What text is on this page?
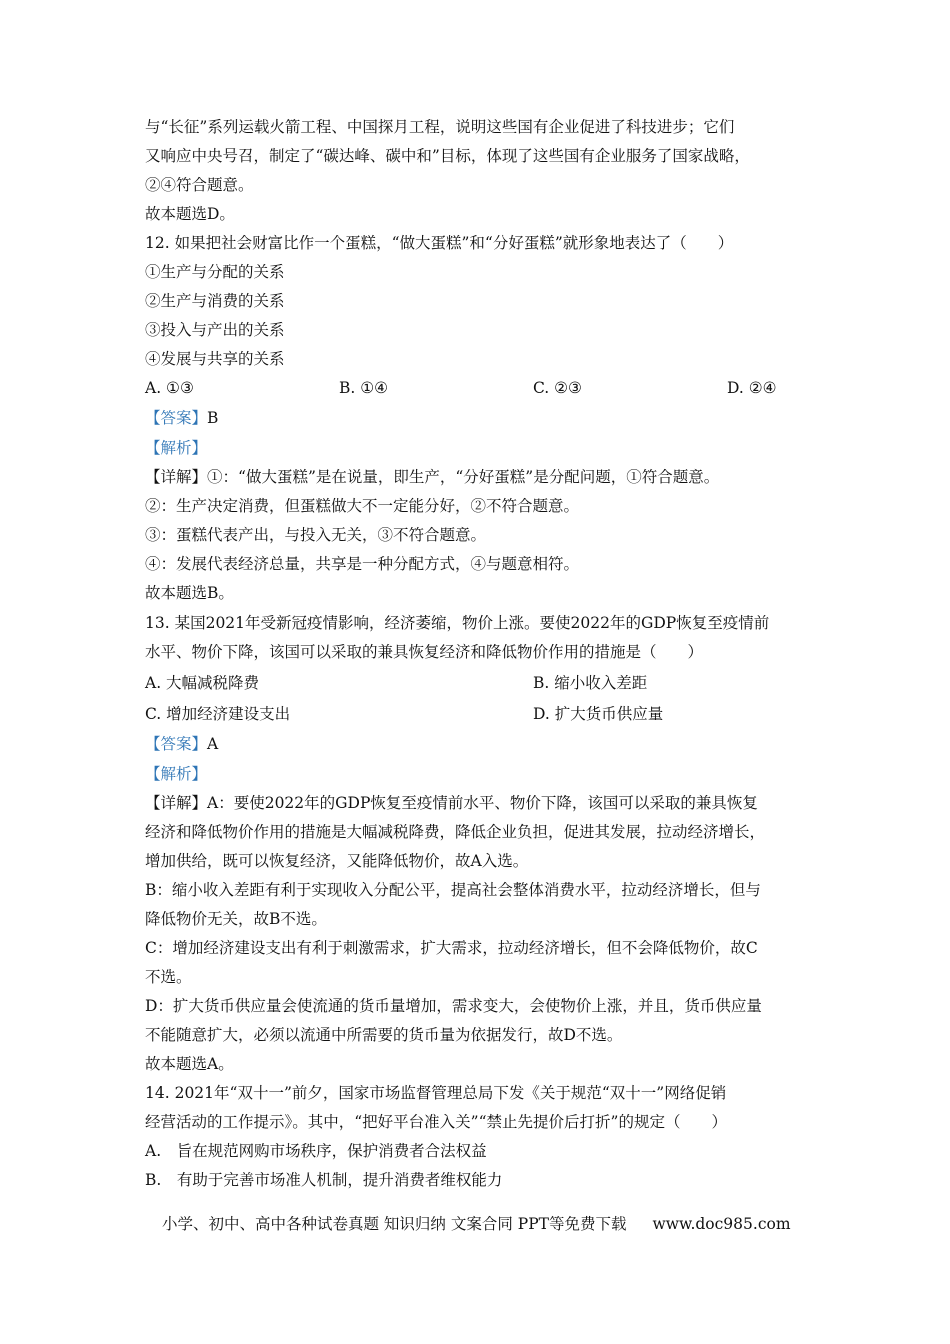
与“长征”系列运载火箭工程、中国探月工程，说明这些国有企业促进了科技进步；它们
又响应中央号召，制定了“碳达峰、碳中和”目标，体现了这些国有企业服务了国家战略，
②④符合题意。
故本题选D。
12. 如果把社会财富比作一个蛋糕，“做大蛋糕”和“分好蛋糕”就形象地表达了（　　）
①生产与分配的关系
②生产与消费的关系
③投入与产出的关系
④发展与共享的关系
A. ①③	B. ①④	C. ②③	D. ②④
【答案】B
【解析】
【详解】①：“做大蛋糕”是在说量，即生产，“分好蛋糕”是分配问题，①符合题意。
②：生产决定消费，但蛋糕做大不一定能分好，②不符合题意。
③：蛋糕代表产出，与投入无关，③不符合题意。
④：发展代表经济总量，共享是一种分配方式，④与题意相符。
故本题选B。
13. 某国2021年受新冠疫情影响，经济萎缩，物价上涨。要使2022年的GDP恢复至疫情前
水平、物价下降，该国可以采取的兼具恢复经济和降低物价作用的措施是（　　）
A. 大幅减税降费	B. 缩小收入差距
C. 增加经济建设支出	D. 扩大货币供应量
【答案】A
【解析】
【详解】A：要使2022年的GDP恢复至疫情前水平、物价下降，该国可以采取的兼具恢复
经济和降低物价作用的措施是大幅减税降费，降低企业负担，促进其发展，拉动经济增长，
增加供给，既可以恢复经济，又能降低物价，故A入选。
B：缩小收入差距有利于实现收入分配公平，提高社会整体消费水平，拉动经济增长，但与
降低物价无关，故B不选。
C：增加经济建设支出有利于刺激需求，扩大需求，拉动经济增长，但不会降低物价，故C
不选。
D：扩大货币供应量会使流通的货币量增加，需求变大，会使物价上涨，并且，货币供应量
不能随意扩大，必须以流通中所需要的货币量为依据发行，故D不选。
故本题选A。
14. 2021年“双十一”前夕，国家市场监督管理总局下发《关于规范“双十一”网络促销
经营活动的工作提示》。其中，“把好平台准入关”“禁止先提价后打折”的规定（　　）
A.　旨在规范网购市场秩序，保护消费者合法权益
B.　有助于完善市场准人机制，提升消费者维权能力
小学、初中、高中各种试卷真题 知识归纳 文案合同 PPT等免费下载 www.doc985.com
